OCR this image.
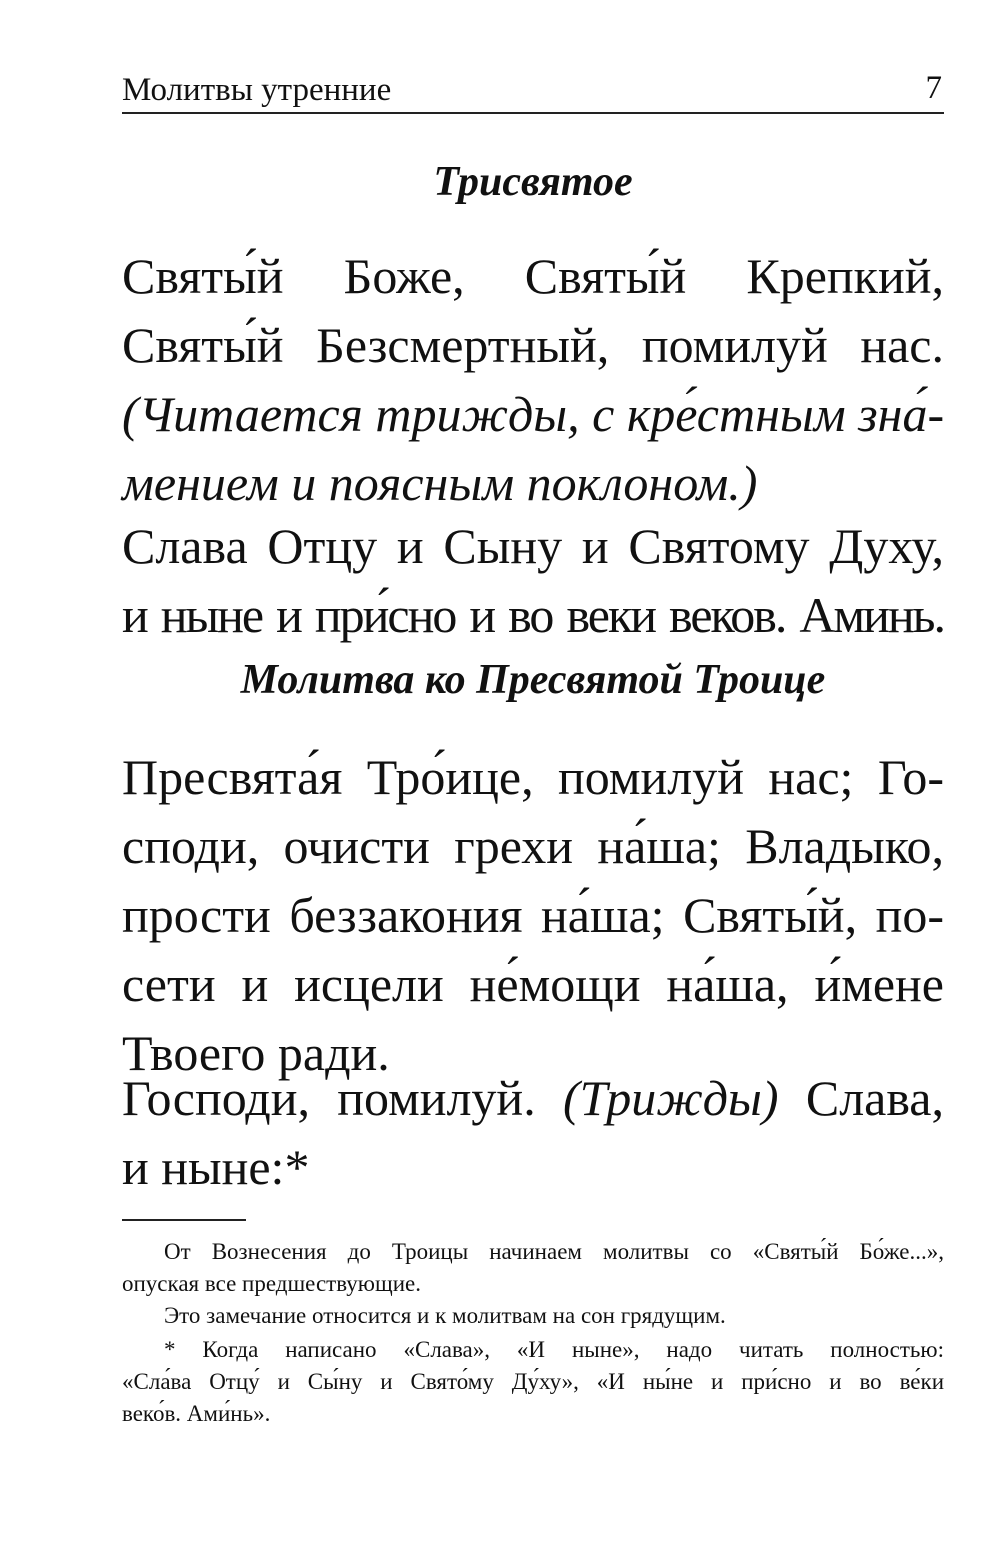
Молитвы утренние	7
Трисвятое

Святы́й Боже, Святы́й Крепкий,
Святы́й Безсмертный, помилуй нас.
(Читается трижды, с кре́стным зна́-
мением и поясным поклоном.)

Слава Отцу и Сыну и Святому Духу,
и ныне и при́сно и во веки веков. Аминь.

Молитва ко Пресвятой Троице

Пресвята́я Тро́ице, помилуй нас; Го-
споди, очисти грехи на́ша; Владыко,
прости беззакония на́ша; Святы́й, по-
сети и исцели не́мощи на́ша, и́мене
Твоего ради.

Господи, помилуй. (Трижды) Слава,
и ныне:*

От Вознесения до Троицы начинаем молитвы со «Святы́й Бо́же...»,
опуская все предшествующие.

Это замечание относится и к молитвам на сон грядущим.

* Когда написано «Слава», «И ныне», надо читать полностью:
«Сла́ва Отцу́ и Сы́ну и Свято́му Ду́ху», «И ны́не и при́сно и во ве́ки
веко́в. Ами́нь».
